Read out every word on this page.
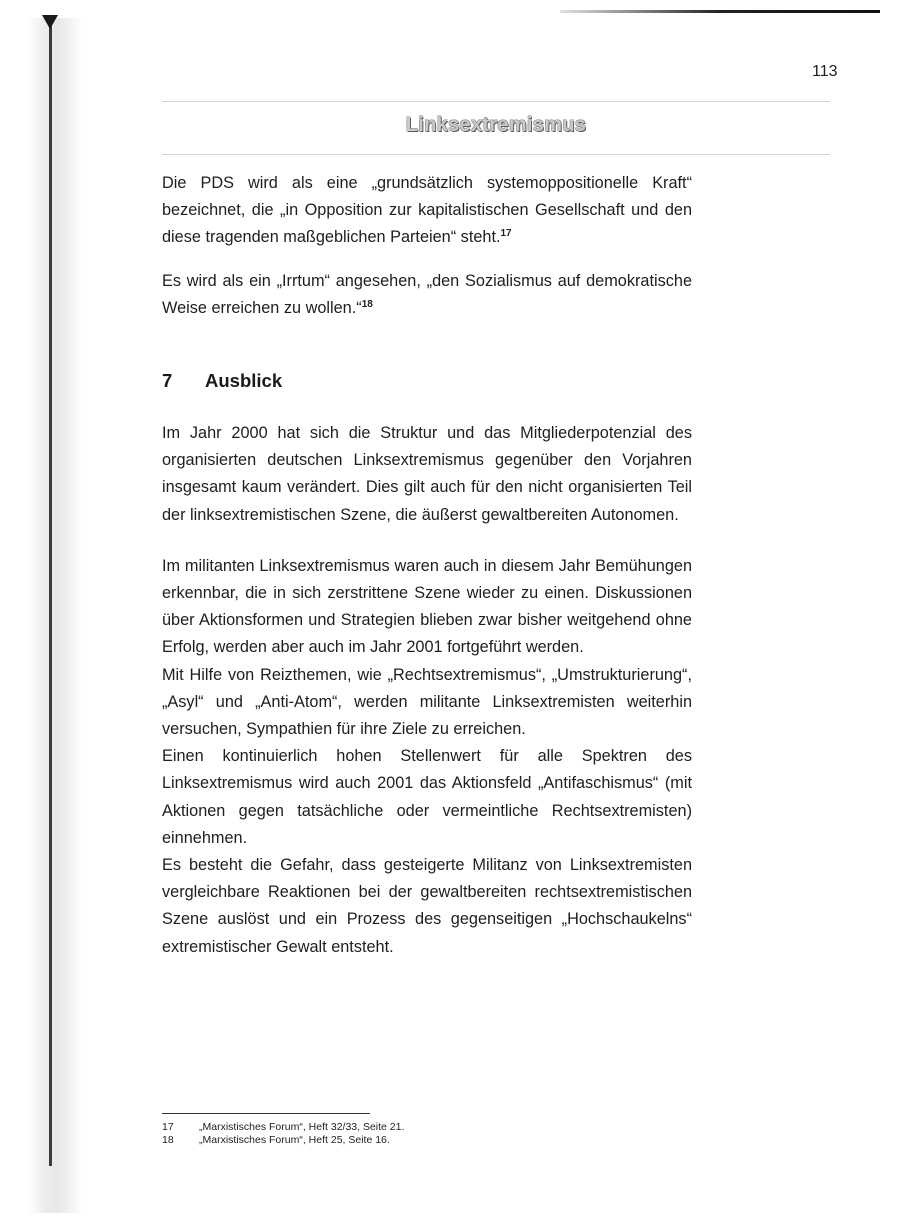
113
Linksextremismus

Die PDS wird als eine „grundsätzlich systemoppositionelle Kraft“ bezeichnet, die „in Opposition zur kapitalistischen Gesellschaft und den diese tragenden maßgeblichen Parteien“ steht.$^{17}$

Es wird als ein „Irrtum“ angesehen, „den Sozialismus auf demokratische Weise erreichen zu wollen.“$^{18}$

7	Ausblick

Im Jahr 2000 hat sich die Struktur und das Mitgliederpotenzial des organisierten deutschen Linksextremismus gegenüber den Vorjahren insgesamt kaum verändert. Dies gilt auch für den nicht organisierten Teil der linksextremistischen Szene, die äußerst gewaltbereiten Autonomen.

Im militanten Linksextremismus waren auch in diesem Jahr Bemühungen erkennbar, die in sich zerstrittene Szene wieder zu einen. Diskussionen über Aktionsformen und Strategien blieben zwar bisher weitgehend ohne Erfolg, werden aber auch im Jahr 2001 fortgeführt werden.

Mit Hilfe von Reizthemen, wie „Rechtsextremismus“, „Umstrukturierung“, „Asyl“ und „Anti-Atom“, werden militante Linksextremisten weiterhin versuchen, Sympathien für ihre Ziele zu erreichen.

Einen kontinuierlich hohen Stellenwert für alle Spektren des Linksextremismus wird auch 2001 das Aktionsfeld „Antifaschismus“ (mit Aktionen gegen tatsächliche oder vermeintliche Rechtsextremisten) einnehmen.

Es besteht die Gefahr, dass gesteigerte Militanz von Linksextremisten vergleichbare Reaktionen bei der gewaltbereiten rechtsextremistischen Szene auslöst und ein Prozess des gegenseitigen „Hochschaukelns“ extremistischer Gewalt entsteht.

17	„Marxistisches Forum“, Heft 32/33, Seite 21.
18	„Marxistisches Forum“, Heft 25, Seite 16.
